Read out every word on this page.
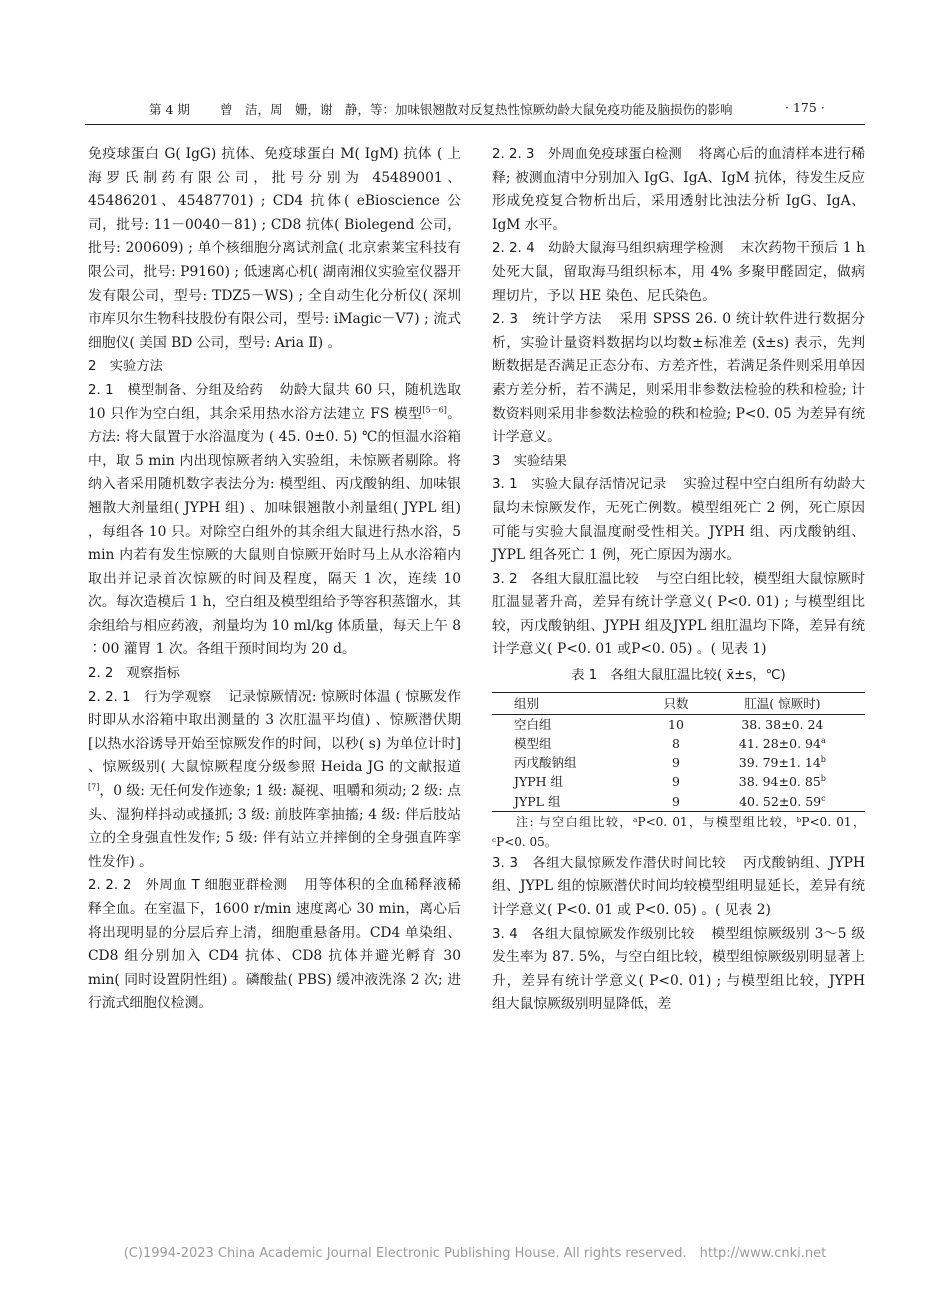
第 4 期 曾　洁，周　姗，谢　静，等：加味银翘散对反复热性惊厥幼龄大鼠免疫功能及脑损伤的影响	· 175 ·

免疫球蛋白 G( IgG) 抗体、免疫球蛋白 M( IgM) 抗体 ( 上海罗氏制药有限公司，批号分别为 45489001、45486201、45487701) ; CD4 抗体( eBioscience 公司，批号: 11－0040－81) ; CD8 抗体( Biolegend 公司，批号: 200609) ; 单个核细胞分离试剂盒( 北京索莱宝科技有限公司，批号: P9160) ; 低速离心机( 湖南湘仪实验室仪器开发有限公司，型号: TDZ5－WS) ; 全自动生化分析仪( 深圳市库贝尔生物科技股份有限公司，型号: iMagic－V7) ; 流式细胞仪( 美国 BD 公司，型号: Aria Ⅱ) 。

2　实验方法

2. 1　模型制备、分组及给药 幼龄大鼠共 60 只，随机选取 10 只作为空白组，其余采用热水浴方法建立 FS 模型[5－6]。方法: 将大鼠置于水浴温度为 ( 45. 0±0. 5) ℃的恒温水浴箱中，取 5 min 内出现惊厥者纳入实验组，未惊厥者剔除。将纳入者采用随机数字表法分为: 模型组、丙戊酸钠组、加味银翘散大剂量组( JYPH 组) 、加味银翘散小剂量组( JYPL 组) ，每组各 10 只。对除空白组外的其余组大鼠进行热水浴，5 min 内若有发生惊厥的大鼠则自惊厥开始时马上从水浴箱内取出并记录首次惊厥的时间及程度，隔天 1 次，连续 10 次。每次造模后 1 h，空白组及模型组给予等容积蒸馏水，其余组给与相应药液，剂量均为 10 ml/kg 体质量，每天上午 8 ∶00 灌胃 1 次。各组干预时间均为 20 d。

2. 2　观察指标

2. 2. 1　行为学观察 记录惊厥情况: 惊厥时体温 ( 惊厥发作时即从水浴箱中取出测量的 3 次肛温平均值) 、惊厥潜伏期 [以热水浴诱导开始至惊厥发作的时间，以秒( s) 为单位计时] 、惊厥级别( 大鼠惊厥程度分级参照 Heida JG 的文献报道[7]，0 级: 无任何发作迹象; 1 级: 凝视、咀嚼和须动; 2 级: 点头、湿狗样抖动或搔抓; 3 级: 前肢阵挛抽搐; 4 级: 伴后肢站立的全身强直性发作; 5 级: 伴有站立并摔倒的全身强直阵挛性发作) 。

2. 2. 2　外周血 T 细胞亚群检测 用等体积的全血稀释液稀释全血。在室温下，1600 r/min 速度离心 30 min，离心后将出现明显的分层后弃上清，细胞重悬备用。CD4 单染组、CD8 组分别加入 CD4 抗体、CD8 抗体并避光孵育 30 min( 同时设置阴性组) 。磷酸盐( PBS) 缓冲液洗涤 2 次; 进行流式细胞仪检测。

2. 2. 3　外周血免疫球蛋白检测 将离心后的血清样本进行稀释; 被测血清中分别加入 IgG、IgA、IgM 抗体，待发生反应形成免疫复合物析出后，采用透射比浊法分析 IgG、IgA、IgM 水平。

2. 2. 4　幼龄大鼠海马组织病理学检测 末次药物干预后 1 h 处死大鼠，留取海马组织标本，用 4% 多聚甲醛固定，做病理切片，予以 HE 染色、尼氏染色。

2. 3　统计学方法 采用 SPSS 26. 0 统计软件进行数据分析，实验计量资料数据均以均数±标准差 (x̄±s) 表示，先判断数据是否满足正态分布、方差齐性，若满足条件则采用单因素方差分析，若不满足，则采用非参数法检验的秩和检验; 计数资料则采用非参数法检验的秩和检验; P<0. 05 为差异有统计学意义。

3　实验结果

3. 1　实验大鼠存活情况记录 实验过程中空白组所有幼龄大鼠均未惊厥发作，无死亡例数。模型组死亡 2 例，死亡原因可能与实验大鼠温度耐受性相关。JYPH 组、丙戊酸钠组、JYPL 组各死亡 1 例，死亡原因为溺水。

3. 2　各组大鼠肛温比较 与空白组比较，模型组大鼠惊厥时肛温显著升高，差异有统计学意义( P<0. 01) ; 与模型组比较，丙戊酸钠组、JYPH 组及JYPL 组肛温均下降，差异有统计学意义( P<0. 01 或P<0. 05) 。( 见表 1)

表 1　各组大鼠肛温比较( x̄±s，℃)
组别	只数	肛温( 惊厥时)
空白组	10	38. 38±0. 24
模型组	8	41. 28±0. 94$^a$
丙戊酸钠组	9	39. 79±1. 14$^b$
JYPH 组	9	38. 94±0. 85$^b$
JYPL 组	9	40. 52±0. 59$^c$

注: 与空白组比较，ᵃP<0. 01，与模型组比较，ᵇP<0. 01，ᶜP<0. 05。

3. 3　各组大鼠惊厥发作潜伏时间比较 丙戊酸钠组、JYPH 组、JYPL 组的惊厥潜伏时间均较模型组明显延长，差异有统计学意义( P<0. 01 或 P<0. 05) 。( 见表 2)

3. 4　各组大鼠惊厥发作级别比较 模型组惊厥级别 3～5 级发生率为 87. 5%，与空白组比较，模型组惊厥级别明显著上升，差异有统计学意义( P<0. 01) ; 与模型组比较，JYPH 组大鼠惊厥级别明显降低，差

(C)1994-2023 China Academic Journal Electronic Publishing House. All rights reserved.　http://www.cnki.net
